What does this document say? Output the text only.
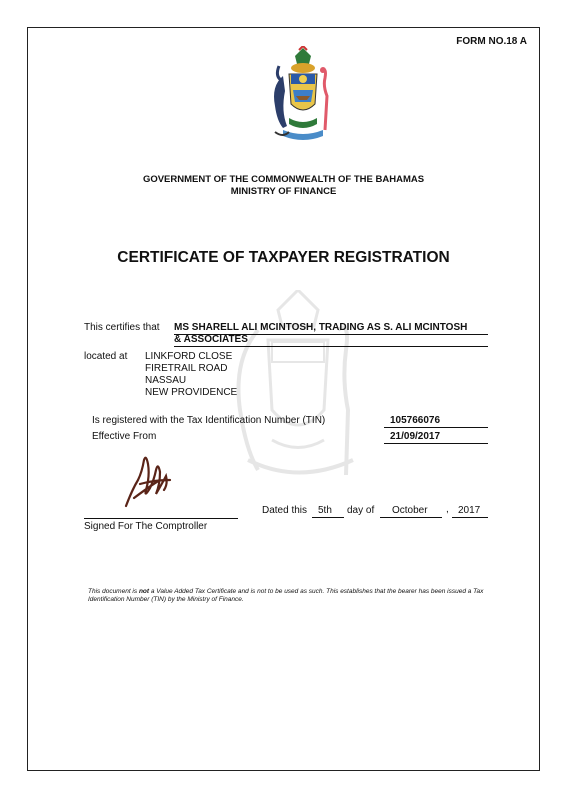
FORM NO.18 A
GOVERNMENT OF THE COMMONWEALTH OF THE BAHAMAS
MINISTRY OF FINANCE
CERTIFICATE OF TAXPAYER REGISTRATION
This certifies that MS SHARELL ALI MCINTOSH, TRADING AS S. ALI MCINTOSH
& ASSOCIATES
located at LINKFORD CLOSE
FIRETRAIL ROAD
NASSAU
NEW PROVIDENCE
Is registered with the Tax Identification Number (TIN)	105766076
Effective From	21/09/2017
Dated this 5th day of October , 2017
Signed For The Comptroller
This document is not a Value Added Tax Certificate and is not to be used as such. This establishes that the bearer has been issued a Tax Identification Number (TIN) by the Ministry of Finance.
